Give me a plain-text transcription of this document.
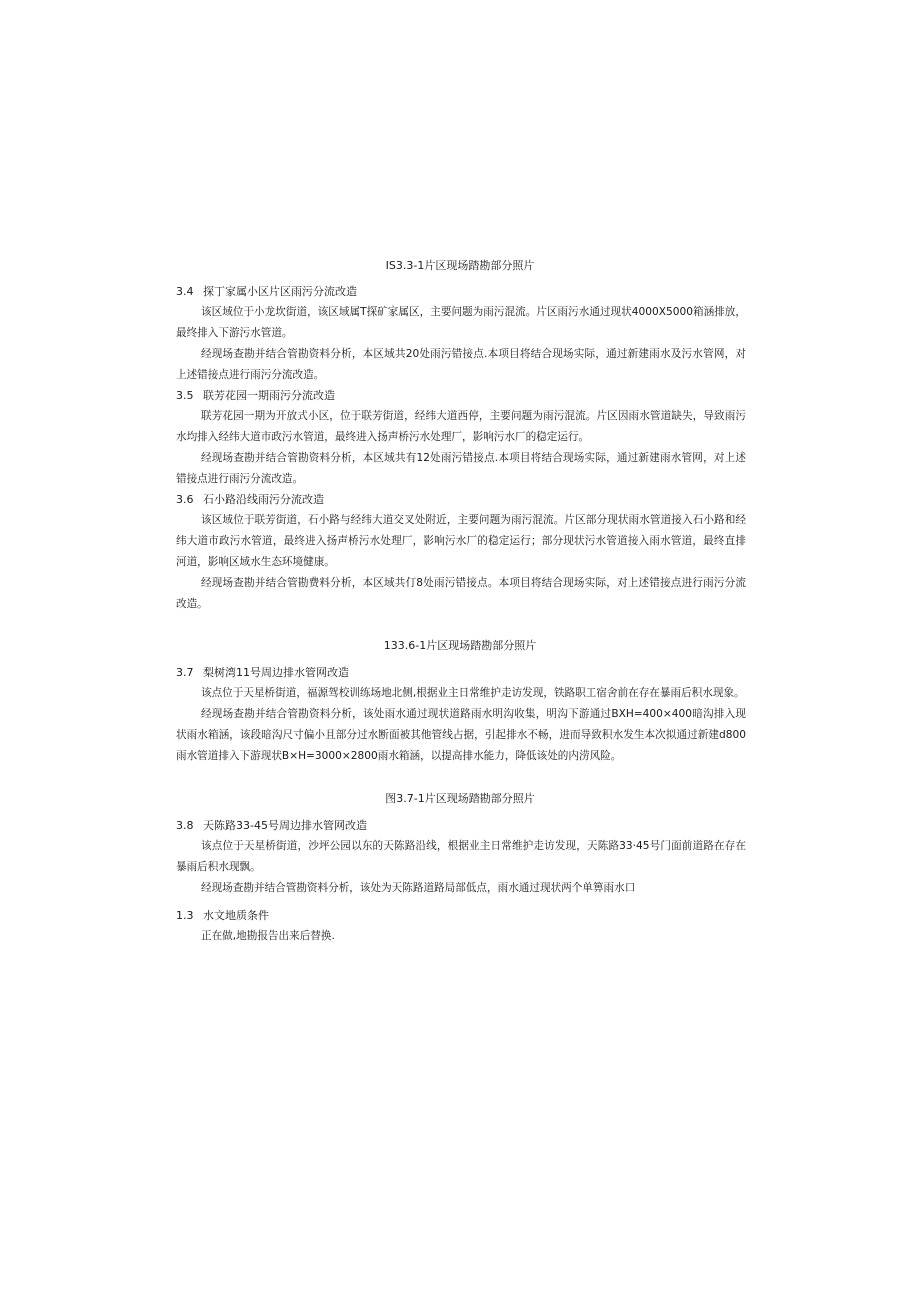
IS3.3-1片区现场踏勘部分照片
3.4 探丁家属小区片区雨污分流改造

该区域位于小龙坎街道，该区域属T探矿家属区，主要问题为雨污混流。片区雨污水通过现状4000X5000箱涵排放，最终排入下游污水管道。

经现场查勘并结合管勘资料分析，本区域共20处雨污错接点.本项目将结合现场实际，通过新建雨水及污水管网，对上述错接点进行雨污分流改造。

3.5 联芳花园一期雨污分流改造

联芳花园一期为开放式小区，位于联芳街道，经纬大道西停，主要问题为雨污混流。片区因雨水管道缺失，导致雨污水均排入经纬大道市政污水管道，最终进入扬声桥污水处理厂，影响污水厂的稳定运行。

经现场查勘并结合管勘资料分析，本区域共有12处雨污错接点.本项目将结合现场实际，通过新建雨水管网，对上述错接点进行雨污分流改造。

3.6 石小路沿线雨污分流改造

该区域位于联芳街道，石小路与经纬大道交叉处附近，主要问题为雨污混流。片区部分现状雨水管道接入石小路和经纬大道市政污水管道，最终进入扬声桥污水处理厂，影响污水厂的稳定运行；部分现状污水管道接入雨水管道，最终直排河道，影响区域水生态环境健康。

经现场查勘并结合管勘费料分析，本区域共仃8处雨污错接点。本项目将结合现场实际，对上述错接点进行雨污分流改造。

133.6-1片区现场踏勘部分照片
3.7 梨树湾11号周边排水管网改造

该点位于天星桥街道，福源驾校训练场地北侧,根据业主日常维护走访发现，铁路职工宿舍前在存在暴雨后积水现象。

经现场查勘并结合管勘资料分析，该处雨水通过现状道路雨水明沟收集，明沟下游通过BXH=400×400暗沟排入现状雨水箱涵，该段暗沟尺寸偏小且部分过水断面被其他管线占据，引起排水不畅，进而导致积水发生本次拟通过新建d800雨水管道排入下游现状B×H=3000×2800雨水箱涵，以提高排水能力，降低该处的内涝风险。

图3.7-1片区现场踏勘部分照片
3.8 天陈路33-45号周边排水管网改造

该点位于天星桥街道，沙坪公园以东的天陈路沿线，根据业主日常维护走访发现，天陈路33·45号门面前道路在存在暴雨后积水现飘。

经现场查勘并结合管勘资料分析，该处为天陈路道路局部低点，雨水通过现状两个单箅雨水口

1.3 水文地质条件

正在做,地勘报告出来后替换.
